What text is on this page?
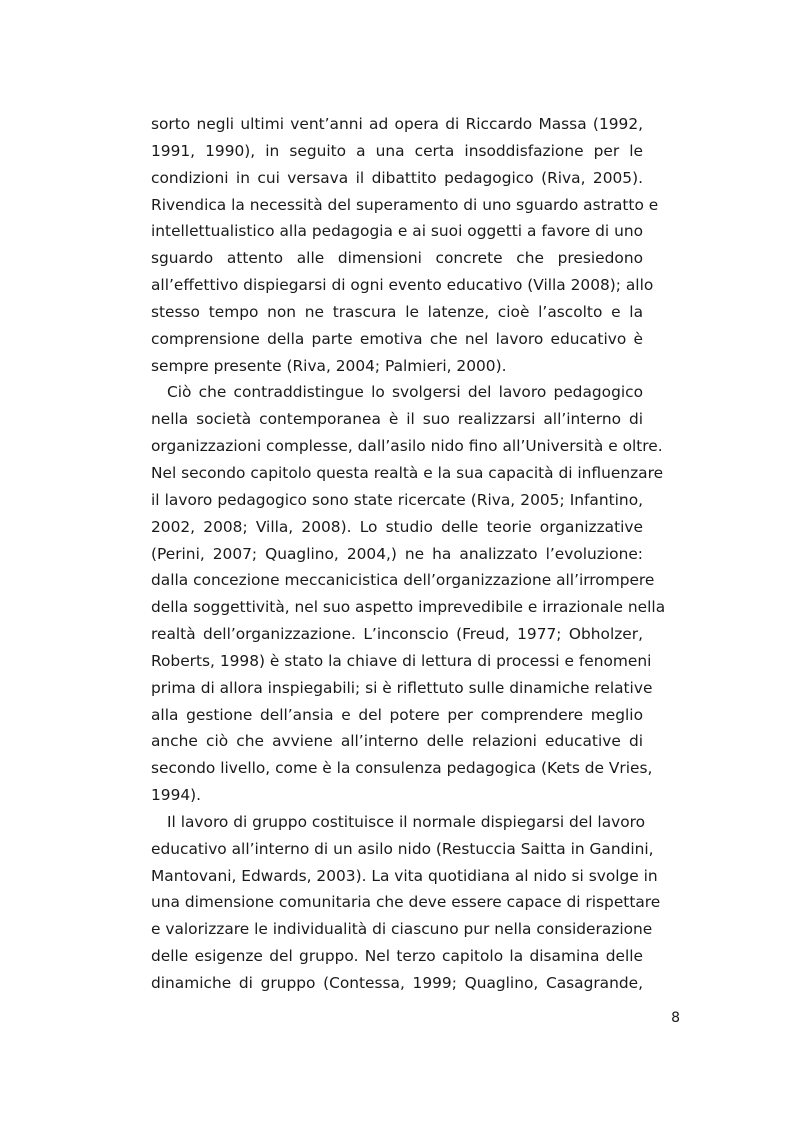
sorto negli ultimi vent’anni ad opera di Riccardo Massa (1992,
1991, 1990), in seguito a una certa insoddisfazione per le
condizioni in cui versava il dibattito pedagogico (Riva, 2005).
Rivendica la necessità del superamento di uno sguardo astratto e
intellettualistico alla pedagogia e ai suoi oggetti a favore di uno
sguardo attento alle dimensioni concrete che presiedono
all’effettivo dispiegarsi di ogni evento educativo (Villa 2008); allo
stesso tempo non ne trascura le latenze, cioè l’ascolto e la
comprensione della parte emotiva che nel lavoro educativo è
sempre presente (Riva, 2004; Palmieri, 2000).
Ciò che contraddistingue lo svolgersi del lavoro pedagogico
nella società contemporanea è il suo realizzarsi all’interno di
organizzazioni complesse, dall’asilo nido fino all’Università e oltre.
Nel secondo capitolo questa realtà e la sua capacità di influenzare
il lavoro pedagogico sono state ricercate (Riva, 2005; Infantino,
2002, 2008; Villa, 2008). Lo studio delle teorie organizzative
(Perini, 2007; Quaglino, 2004,) ne ha analizzato l’evoluzione:
dalla concezione meccanicistica dell’organizzazione all’irrompere
della soggettività, nel suo aspetto imprevedibile e irrazionale nella
realtà dell’organizzazione. L’inconscio (Freud, 1977; Obholzer,
Roberts, 1998) è stato la chiave di lettura di processi e fenomeni
prima di allora inspiegabili; si è riflettuto sulle dinamiche relative
alla gestione dell’ansia e del potere per comprendere meglio
anche ciò che avviene all’interno delle relazioni educative di
secondo livello, come è la consulenza pedagogica (Kets de Vries,
1994).
Il lavoro di gruppo costituisce il normale dispiegarsi del lavoro
educativo all’interno di un asilo nido (Restuccia Saitta in Gandini,
Mantovani, Edwards, 2003). La vita quotidiana al nido si svolge in
una dimensione comunitaria che deve essere capace di rispettare
e valorizzare le individualità di ciascuno pur nella considerazione
delle esigenze del gruppo. Nel terzo capitolo la disamina delle
dinamiche di gruppo (Contessa, 1999; Quaglino, Casagrande,
8
